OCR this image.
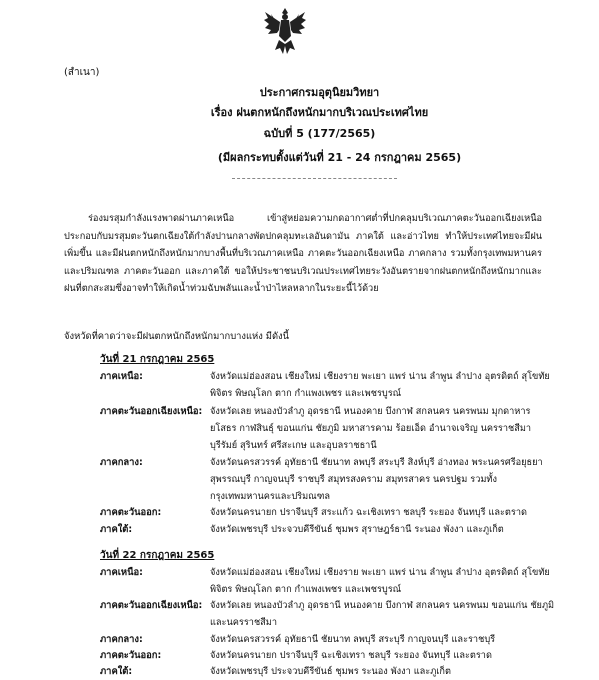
(สำเนา)
ประกาศกรมอุตุนิยมวิทยา
เรื่อง ฝนตกหนักถึงหนักมากบริเวณประเทศไทย
ฉบับที่ 5 (177/2565)
(มีผลกระทบตั้งแต่วันที่ 21 - 24 กรกฎาคม 2565)
ร่องมรสุมกำลังแรงพาดผ่านภาคเหนือ เข้าสู่หย่อมความกดอากาศต่ำที่ปกคลุมบริเวณภาคตะวันออกเฉียงเหนือ ประกอบกับมรสุมตะวันตกเฉียงใต้กำลังปานกลางพัดปกคลุมทะเลอันดามัน ภาคใต้ และอ่าวไทย ทำให้ประเทศไทยจะมีฝนเพิ่มขึ้น และมีฝนตกหนักถึงหนักมากบางพื้นที่บริเวณภาคเหนือ ภาคตะวันออกเฉียงเหนือ ภาคกลาง รวมทั้งกรุงเทพมหานครและปริมณฑล ภาคตะวันออก และภาคใต้ ขอให้ประชาชนบริเวณประเทศไทยระวังอันตรายจากฝนตกหนักถึงหนักมากและฝนที่ตกสะสมซึ่งอาจทำให้เกิดน้ำท่วมฉับพลันและน้ำป่าไหลหลากในระยะนี้ไว้ด้วย
จังหวัดที่คาดว่าจะมีฝนตกหนักถึงหนักมากบางแห่ง มีดังนี้
วันที่ 21 กรกฎาคม 2565
ภาคเหนือ:	จังหวัดแม่ฮ่องสอน เชียงใหม่ เชียงราย พะเยา แพร่ น่าน ลำพูน ลำปาง อุตรดิตถ์ สุโขทัย พิจิตร พิษณุโลก ตาก กำแพงเพชร และเพชรบูรณ์
ภาคตะวันออกเฉียงเหนือ: จังหวัดเลย หนองบัวลำภู อุดรธานี หนองคาย บึงกาฬ สกลนคร นครพนม มุกดาหาร ยโสธร กาฬสินธุ์ ขอนแก่น ชัยภูมิ มหาสารคาม ร้อยเอ็ด อำนาจเจริญ นครราชสีมา บุรีรัมย์ สุรินทร์ ศรีสะเกษ และอุบลราชธานี
ภาคกลาง:	จังหวัดนครสวรรค์ อุทัยธานี ชัยนาท ลพบุรี สระบุรี สิงห์บุรี อ่างทอง พระนครศรีอยุธยา สุพรรณบุรี กาญจนบุรี ราชบุรี สมุทรสงคราม สมุทรสาคร นครปฐม รวมทั้งกรุงเทพมหานครและปริมณฑล
ภาคตะวันออก:	จังหวัดนครนายก ปราจีนบุรี สระแก้ว ฉะเชิงเทรา ชลบุรี ระยอง จันทบุรี และตราด
ภาคใต้:	จังหวัดเพชรบุรี ประจวบคีรีขันธ์ ชุมพร สุราษฎร์ธานี ระนอง พังงา และภูเก็ต
วันที่ 22 กรกฎาคม 2565
ภาคเหนือ:	จังหวัดแม่ฮ่องสอน เชียงใหม่ เชียงราย พะเยา แพร่ น่าน ลำพูน ลำปาง อุตรดิตถ์ สุโขทัย พิจิตร พิษณุโลก ตาก กำแพงเพชร และเพชรบูรณ์
ภาคตะวันออกเฉียงเหนือ: จังหวัดเลย หนองบัวลำภู อุดรธานี หนองคาย บึงกาฬ สกลนคร นครพนม ขอนแก่น ชัยภูมิ และนครราชสีมา
ภาคกลาง:	จังหวัดนครสวรรค์ อุทัยธานี ชัยนาท ลพบุรี สระบุรี กาญจนบุรี และราชบุรี
ภาคตะวันออก:	จังหวัดนครนายก ปราจีนบุรี ฉะเชิงเทรา ชลบุรี ระยอง จันทบุรี และตราด
ภาคใต้:	จังหวัดเพชรบุรี ประจวบคีรีขันธ์ ชุมพร ระนอง พังงา และภูเก็ต
